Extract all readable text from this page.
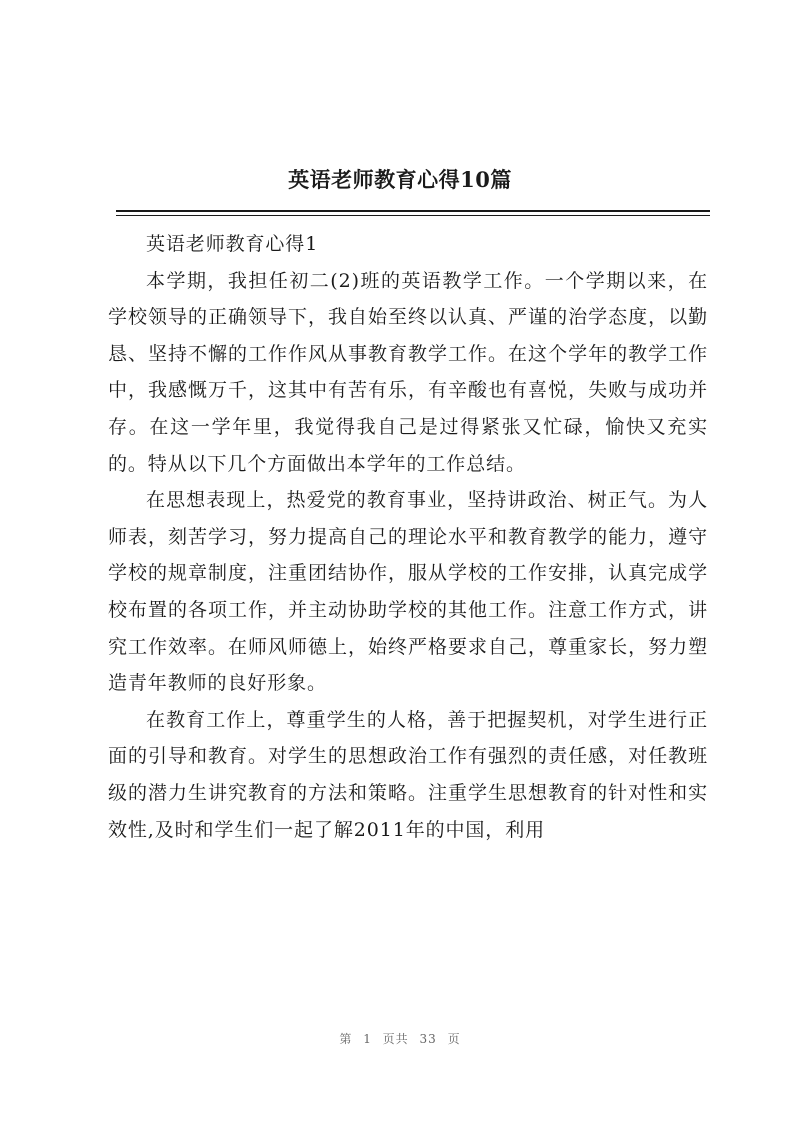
英语老师教育心得10篇

英语老师教育心得1

本学期，我担任初二(2)班的英语教学工作。一个学期以来，在学校领导的正确领导下，我自始至终以认真、严谨的治学态度，以勤恳、坚持不懈的工作作风从事教育教学工作。在这个学年的教学工作中，我感慨万千，这其中有苦有乐，有辛酸也有喜悦，失败与成功并存。在这一学年里，我觉得我自己是过得紧张又忙碌，愉快又充实的。特从以下几个方面做出本学年的工作总结。

在思想表现上，热爱党的教育事业，坚持讲政治、树正气。为人师表，刻苦学习，努力提高自己的理论水平和教育教学的能力，遵守学校的规章制度，注重团结协作，服从学校的工作安排，认真完成学校布置的各项工作，并主动协助学校的其他工作。注意工作方式，讲究工作效率。在师风师德上，始终严格要求自己，尊重家长，努力塑造青年教师的良好形象。

在教育工作上，尊重学生的人格，善于把握契机，对学生进行正面的引导和教育。对学生的思想政治工作有强烈的责任感，对任教班级的潜力生讲究教育的方法和策略。注重学生思想教育的针对性和实效性,及时和学生们一起了解2011年的中国，利用

第 1 页共 33 页
